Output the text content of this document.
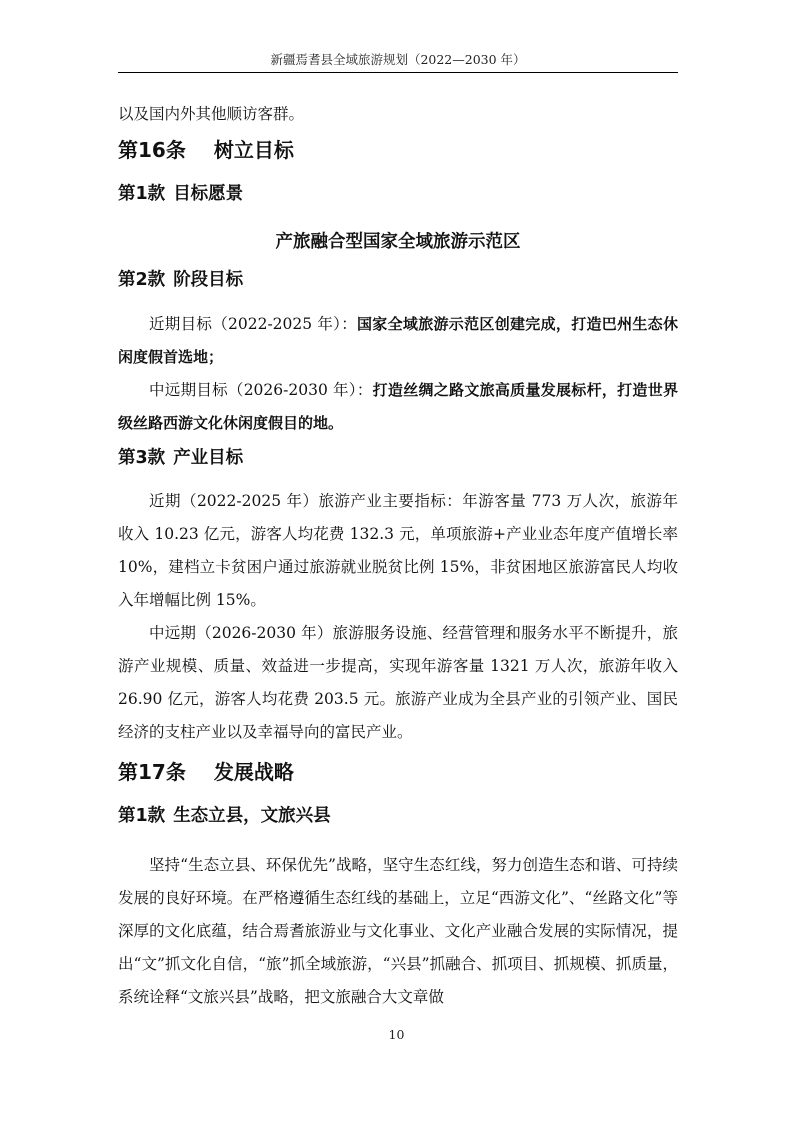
新疆焉耆县全域旅游规划（2022—2030 年）

以及国内外其他顺访客群。

第16条 树立目标
第1款 目标愿景
产旅融合型国家全域旅游示范区
第2款 阶段目标

近期目标（2022-2025 年）：国家全域旅游示范区创建完成，打造巴州生态休闲度假首选地；

中远期目标（2026-2030 年）：打造丝绸之路文旅高质量发展标杆，打造世界级丝路西游文化休闲度假目的地。

第3款 产业目标

近期（2022-2025 年）旅游产业主要指标：年游客量 773 万人次，旅游年收入 10.23 亿元，游客人均花费 132.3 元，单项旅游+产业业态年度产值增长率 10%，建档立卡贫困户通过旅游就业脱贫比例 15%，非贫困地区旅游富民人均收入年增幅比例 15%。

中远期（2026-2030 年）旅游服务设施、经营管理和服务水平不断提升，旅游产业规模、质量、效益进一步提高，实现年游客量 1321 万人次，旅游年收入 26.90 亿元，游客人均花费 203.5 元。旅游产业成为全县产业的引领产业、国民经济的支柱产业以及幸福导向的富民产业。

第17条 发展战略
第1款 生态立县，文旅兴县

坚持“生态立县、环保优先”战略，坚守生态红线，努力创造生态和谐、可持续发展的良好环境。在严格遵循生态红线的基础上，立足“西游文化”、“丝路文化”等深厚的文化底蕴，结合焉耆旅游业与文化事业、文化产业融合发展的实际情况，提出“文”抓文化自信，“旅”抓全域旅游，“兴县”抓融合、抓项目、抓规模、抓质量，系统诠释“文旅兴县”战略，把文旅融合大文章做

10
